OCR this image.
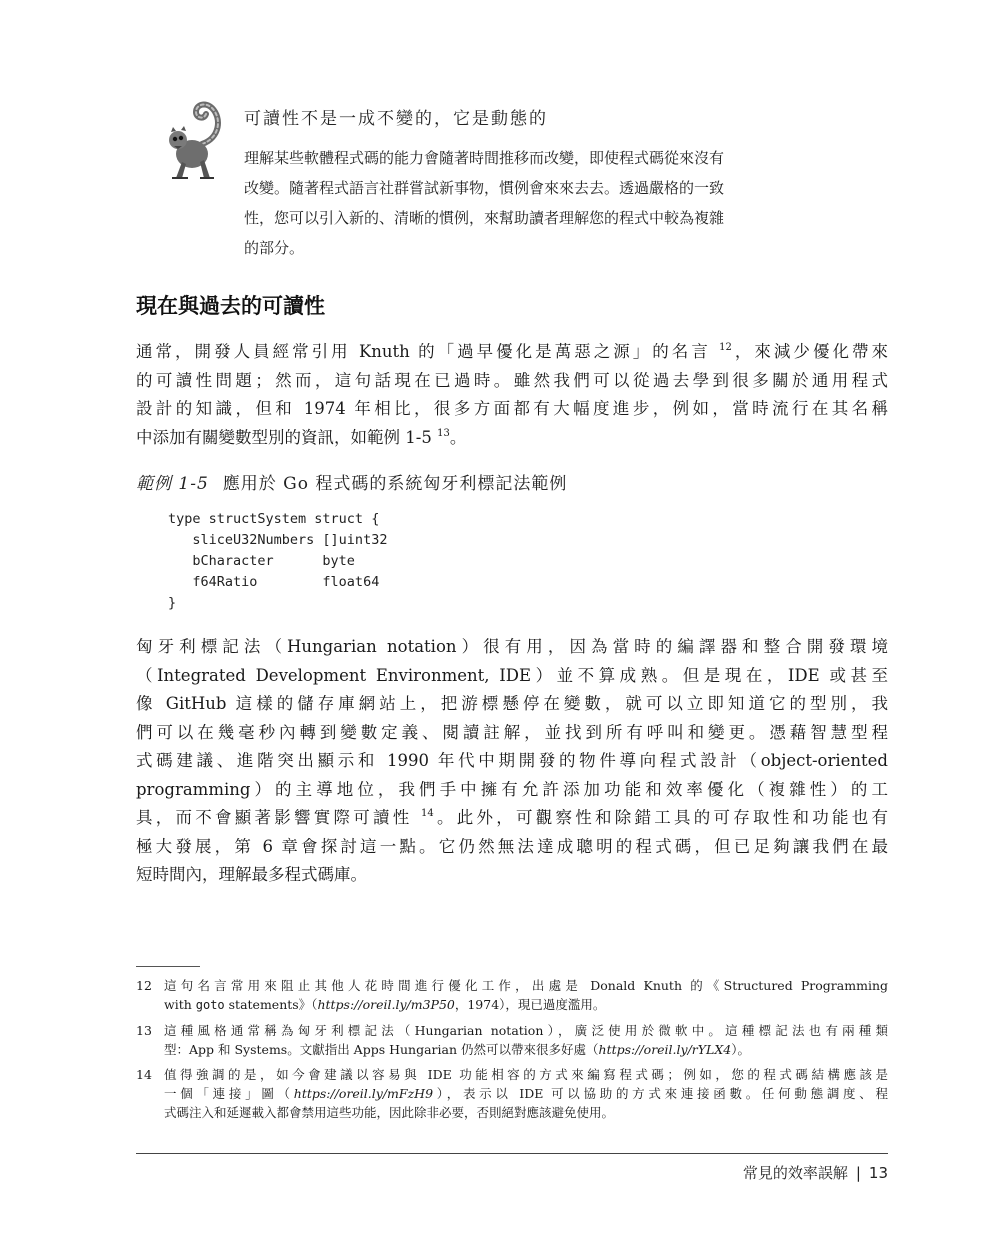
可讀性不是一成不變的，它是動態的

理解某些軟體程式碼的能力會隨著時間推移而改變，即使程式碼從來沒有

改變。隨著程式語言社群嘗試新事物，慣例會來來去去。透過嚴格的一致

性，您可以引入新的、清晰的慣例，來幫助讀者理解您的程式中較為複雜

的部分。

現在與過去的可讀性
通常，開發人員經常引用 Knuth 的「過早優化是萬惡之源」的名言 $^{12}$，來減少優化帶來
的可讀性問題；然而，這句話現在已過時。雖然我們可以從過去學到很多關於通用程式
設計的知識，但和 1974 年相比，很多方面都有大幅度進步，例如，當時流行在其名稱
中添加有關變數型別的資訊，如範例 1-5 $^{13}$。
範例 1-5 應用於 Go 程式碼的系統匈牙利標記法範例
type structSystem struct {
sliceU32Numbers []uint32
bCharacter      byte
f64Ratio        float64
}
匈牙利標記法（Hungarian notation）很有用，因為當時的編譯器和整合開發環境
（Integrated Development Environment, IDE）並不算成熟。但是現在，IDE 或甚至
像 GitHub 這樣的儲存庫網站上，把游標懸停在變數，就可以立即知道它的型別，我
們可以在幾毫秒內轉到變數定義、閱讀註解，並找到所有呼叫和變更。憑藉智慧型程
式碼建議、進階突出顯示和 1990 年代中期開發的物件導向程式設計（object-oriented
programming）的主導地位，我們手中擁有允許添加功能和效率優化（複雜性）的工
具，而不會顯著影響實際可讀性 $^{14}$。此外，可觀察性和除錯工具的可存取性和功能也有
極大發展，第 6 章會探討這一點。它仍然無法達成聰明的程式碼，但已足夠讓我們在最
短時間內，理解最多程式碼庫。
12 這句名言常用來阻止其他人花時間進行優化工作，出處是 Donald Knuth 的《Structured Programming
with goto statements》（https://oreil.ly/m3P50，1974），現已過度濫用。
13 這種風格通常稱為匈牙利標記法（Hungarian notation），廣泛使用於微軟中。這種標記法也有兩種類
型：App 和 Systems。文獻指出 Apps Hungarian 仍然可以帶來很多好處（https://oreil.ly/rYLX4）。
14 值得強調的是，如今會建議以容易與 IDE 功能相容的方式來編寫程式碼；例如，您的程式碼結構應該是
一個「連接」圖（https://oreil.ly/mFzH9），表示以 IDE 可以協助的方式來連接函數。任何動態調度、程
式碼注入和延遲載入都會禁用這些功能，因此除非必要，否則絕對應該避免使用。
常見的效率誤解 | 13
